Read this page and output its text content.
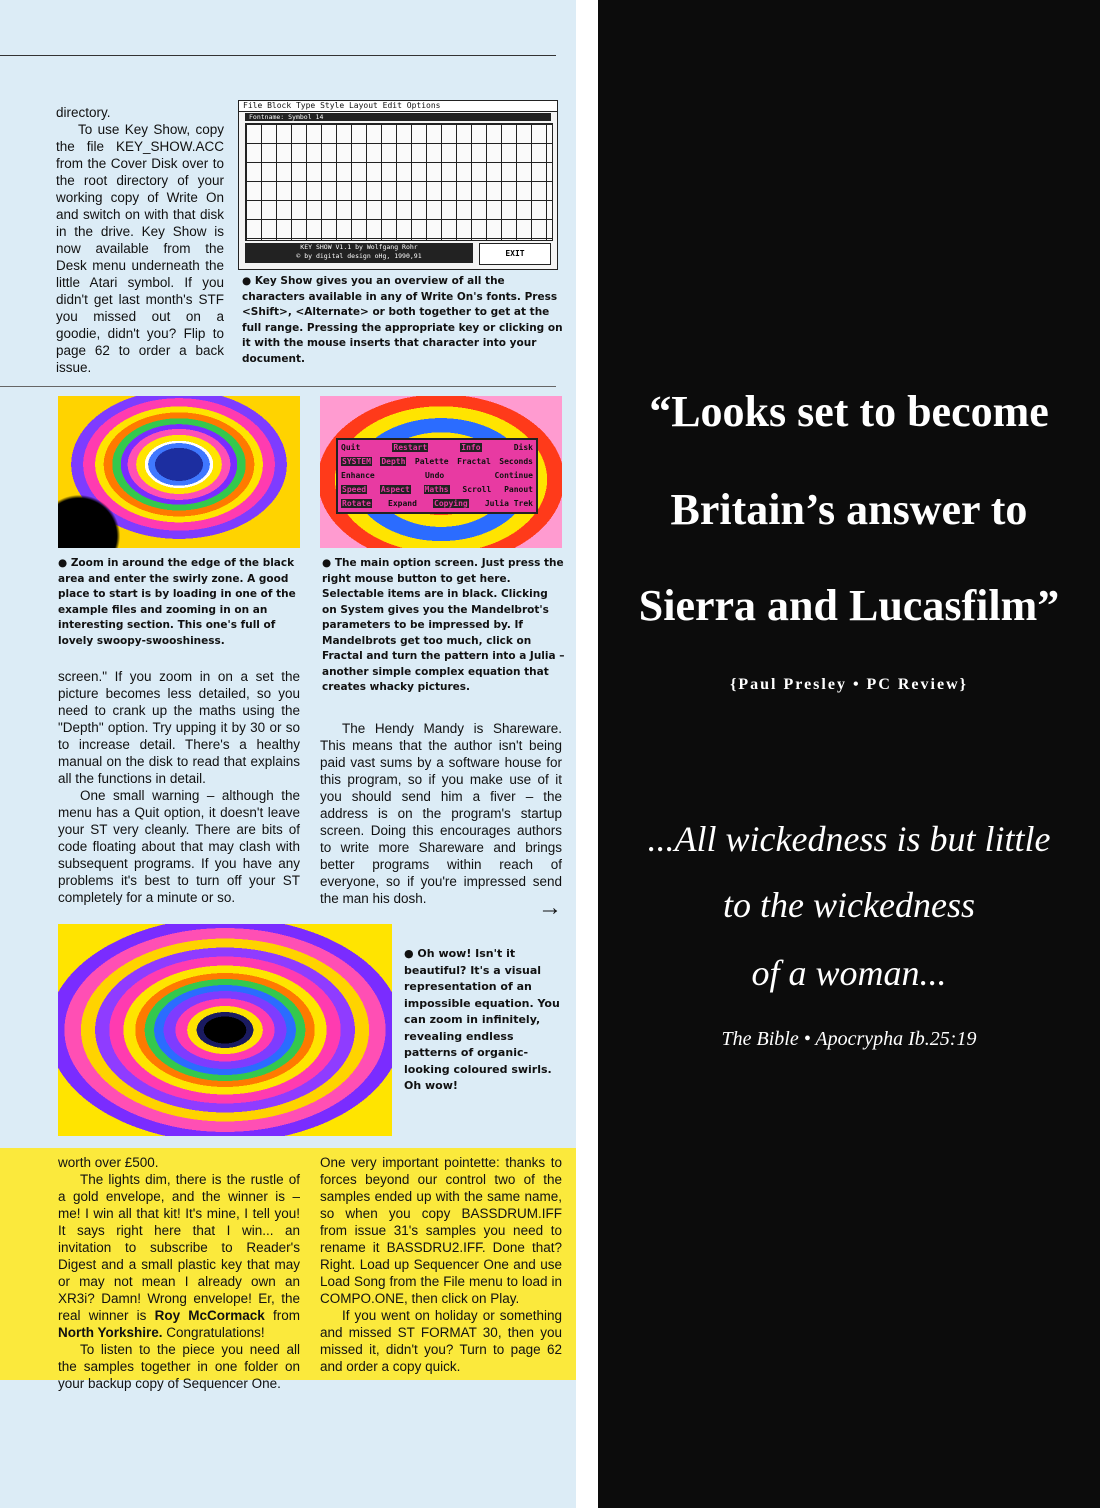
directory.

To use Key Show, copy the file KEY_SHOW.ACC from the Cover Disk over to the root directory of your working copy of Write On and switch on with that disk in the drive. Key Show is now available from the Desk menu underneath the little Atari symbol. If you didn't get last month's STF you missed out on a goodie, didn't you? Flip to page 62 to order a back issue.

File Block Type Style Layout Edit Options
Fontname: Symbol 14
KEY SHOW V1.1 by Wolfgang Rohr
© by digital design oHg, 1990,91	EXIT

● Key Show gives you an overview of all the characters available in any of Write On's fonts. Press <Shift>, <Alternate> or both together to get at the full range. Pressing the appropriate key or clicking on it with the mouse inserts that character into your document.

Quit	Restart	Info	Disk
SYSTEM Depth Palette Fractal Seconds
Enhance	Undo	Continue
Speed Aspect Maths Scroll Panout
Rotate Expand Copying Julia Trek

● Zoom in around the edge of the black area and enter the swirly zone. A good place to start is by loading in one of the example files and zooming in on an interesting section. This one's full of lovely swoopy-swooshiness.

● The main option screen. Just press the right mouse button to get here. Selectable items are in black. Clicking on System gives you the Mandelbrot's parameters to be impressed by. If Mandelbrots get too much, click on Fractal and turn the pattern into a Julia – another simple complex equation that creates whacky pictures.

screen." If you zoom in on a set the picture becomes less detailed, so you need to crank up the maths using the "Depth" option. Try upping it by 30 or so to increase detail. There's a healthy manual on the disk to read that explains all the functions in detail.

One small warning – although the menu has a Quit option, it doesn't leave your ST very cleanly. There are bits of code floating about that may clash with subsequent programs. If you have any problems it's best to turn off your ST completely for a minute or so.

The Hendy Mandy is Shareware. This means that the author isn't being paid vast sums by a software house for this program, so if you make use of it you should send him a fiver – the address is on the program's startup screen. Doing this encourages authors to write more Shareware and brings better programs within reach of everyone, so if you're impressed send the man his dosh.	→

● Oh wow! Isn't it beautiful? It's a visual representation of an impossible equation. You can zoom in infinitely, revealing endless patterns of organic-looking coloured swirls. Oh wow!

worth over £500.

The lights dim, there is the rustle of a gold envelope, and the winner is – me! I win all that kit! It's mine, I tell you! It says right here that I win... an invitation to subscribe to Reader's Digest and a small plastic key that may or may not mean I already own an XR3i? Damn! Wrong envelope! Er, the real winner is Roy McCormack from North Yorkshire. Congratulations!

To listen to the piece you need all the samples together in one folder on your backup copy of Sequencer One.

One very important pointette: thanks to forces beyond our control two of the samples ended up with the same name, so when you copy BASSDRUM.IFF from issue 31's samples you need to rename it BASSDRU2.IFF. Done that? Right. Load up Sequencer One and use Load Song from the File menu to load in COMPO.ONE, then click on Play.

If you went on holiday or something and missed ST FORMAT 30, then you missed it, didn't you? Turn to page 62 and order a copy quick.

“Looks set to become

Britain’s answer to

Sierra and Lucasfilm”

{Paul Presley • PC Review}

...All wickedness is but little

to the wickedness

of a woman...

The Bible • Apocrypha Ib.25:19
